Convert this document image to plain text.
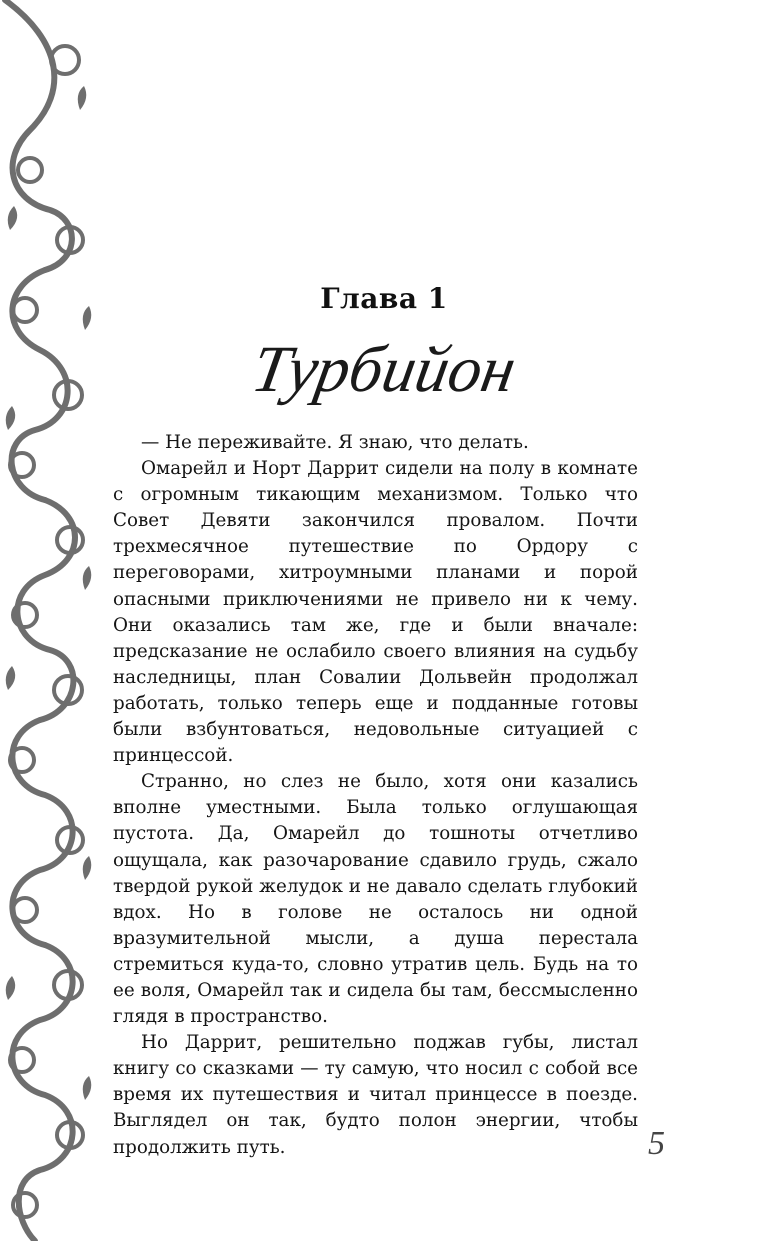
Глава 1
Турбийон

— Не переживайте. Я знаю, что делать.

Омарейл и Норт Даррит сидели на полу в комнате с огромным тикающим механизмом. Только что Совет Девяти закончился провалом. Почти трехмесячное путешествие по Ордору с переговорами, хитроумными планами и порой опасными приключениями не привело ни к чему. Они оказались там же, где и были вначале: предсказание не ослабило своего влияния на судьбу наследницы, план Совалии Дольвейн продолжал работать, только теперь еще и подданные готовы были взбунтоваться, недовольные ситуацией с принцессой.

Странно, но слез не было, хотя они казались вполне уместными. Была только оглушающая пустота. Да, Омарейл до тошноты отчетливо ощущала, как разочарование сдавило грудь, сжало твердой рукой желудок и не давало сделать глубокий вдох. Но в голове не осталось ни одной вразумительной мысли, а душа перестала стремиться куда-то, словно утратив цель. Будь на то ее воля, Омарейл так и сидела бы там, бессмысленно глядя в пространство.

Но Даррит, решительно поджав губы, листал книгу со сказками — ту самую, что носил с собой все время их путешествия и читал принцессе в поезде. Выглядел он так, будто полон энергии, чтобы продолжить путь.	5
